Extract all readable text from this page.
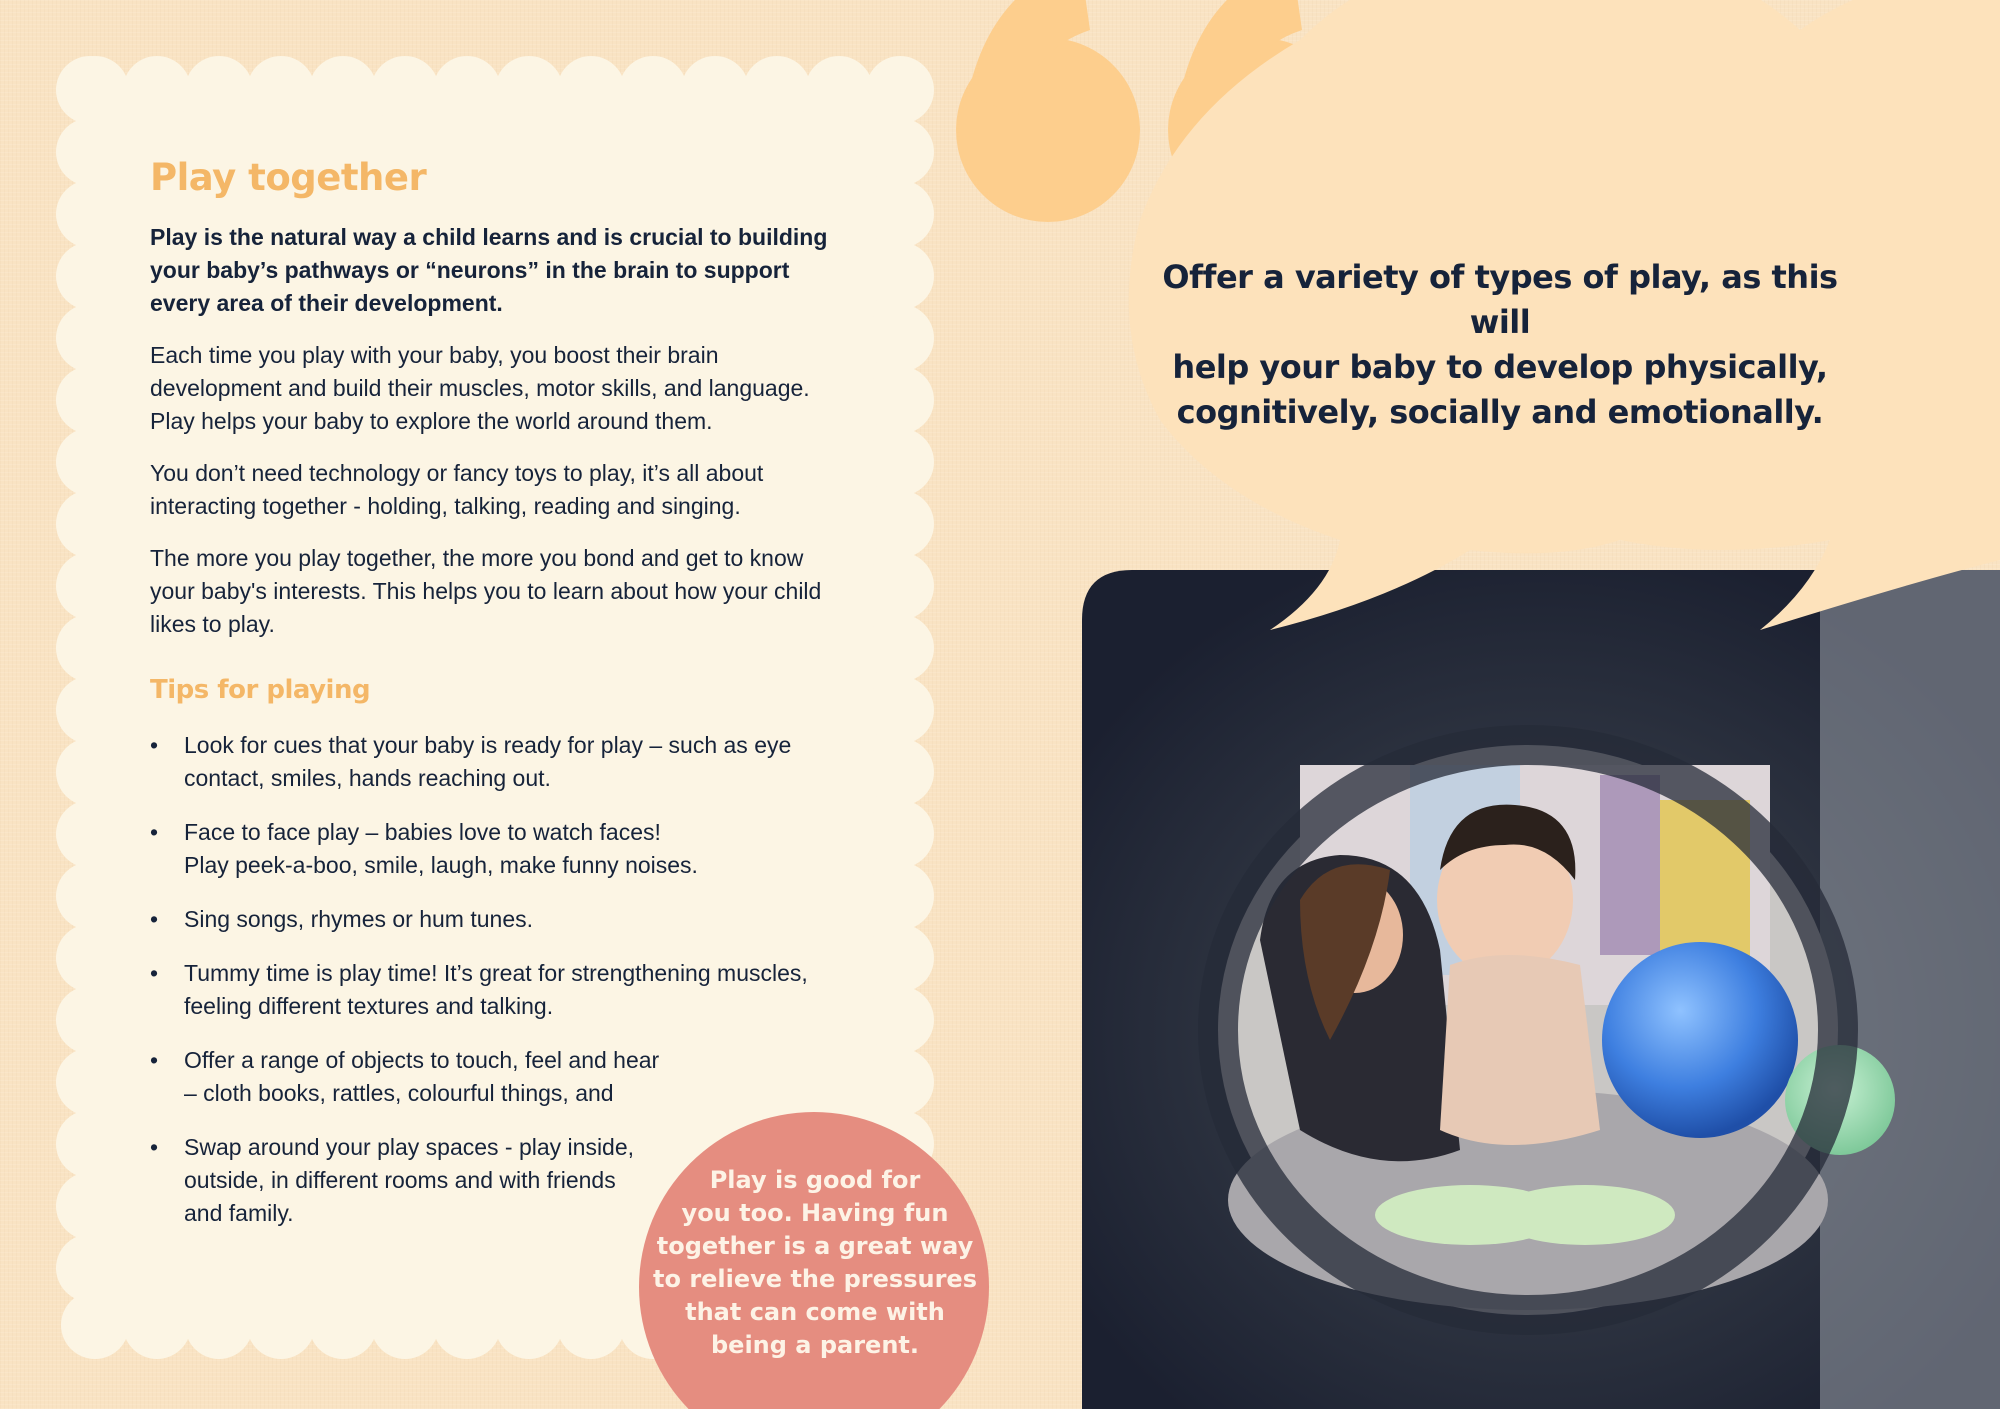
Play together

Play is the natural way a child learns and is crucial to building your baby’s pathways or “neurons” in the brain to support every area of their development.

Each time you play with your baby, you boost their brain development and build their muscles, motor skills, and language. Play helps your baby to explore the world around them.

You don’t need technology or fancy toys to play, it’s all about interacting together - holding, talking, reading and singing.

The more you play together, the more you bond and get to know your baby's interests. This helps you to learn about how your child likes to play.

Tips for playing
• Look for cues that your baby is ready for play – such as eye contact, smiles, hands reaching out.
• Face to face play – babies love to watch faces!
Play peek-a-boo, smile, laugh, make funny noises.
• Sing songs, rhymes or hum tunes.
• Tummy time is play time! It’s great for strengthening muscles, feeling different textures and talking.
• Offer a range of objects to touch, feel and hear
– cloth books, rattles, colourful things, and
• Swap around your play spaces - play inside,
outside, in different rooms and with friends
and family.
Offer a variety of types of play, as this will
help your baby to develop physically,
cognitively, socially and emotionally.
Play is good for
you too. Having fun
together is a great way
to relieve the pressures
that can come with
being a parent.
